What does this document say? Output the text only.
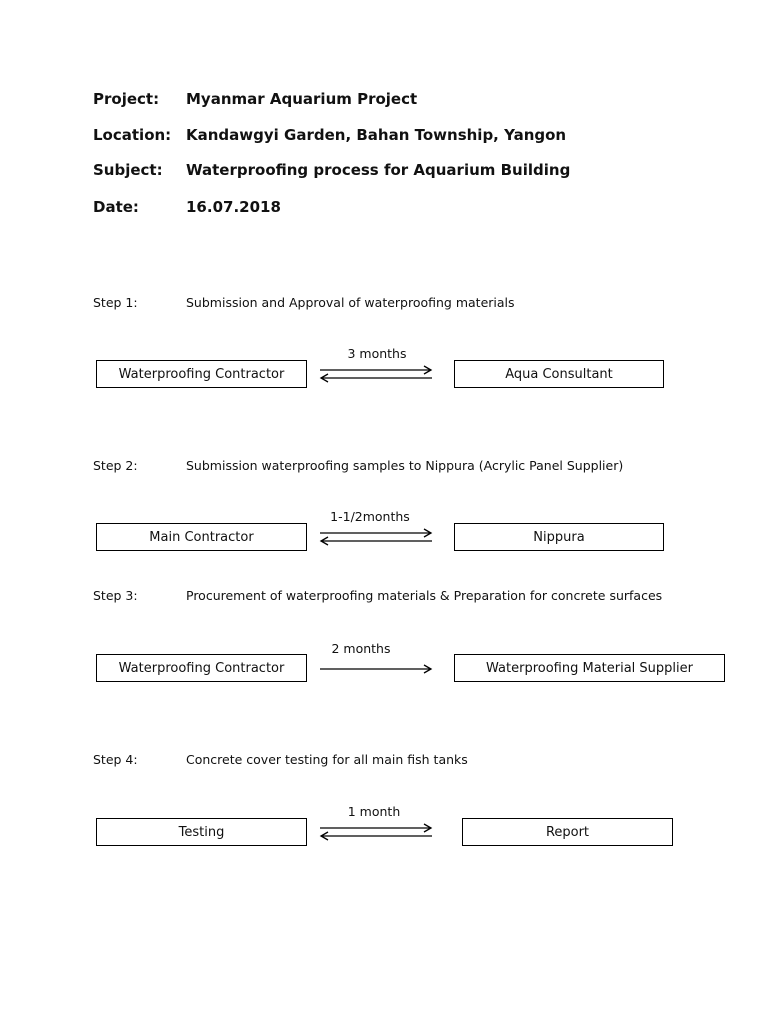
Project: Myanmar Aquarium Project
Location: Kandawgyi Garden, Bahan Township, Yangon
Subject: Waterproofing process for Aquarium Building
Date:	16.07.2018
Step 1:	Submission and Approval of waterproofing materials
Waterproofing Contractor
3 months
Aqua Consultant
Step 2:	Submission waterproofing samples to Nippura (Acrylic Panel Supplier)
Main Contractor
1-1/2months
Nippura
Step 3:	Procurement of waterproofing materials & Preparation for concrete surfaces
Waterproofing Contractor
2 months
Waterproofing Material Supplier
Step 4:	Concrete cover testing for all main fish tanks
Testing
1 month
Report
